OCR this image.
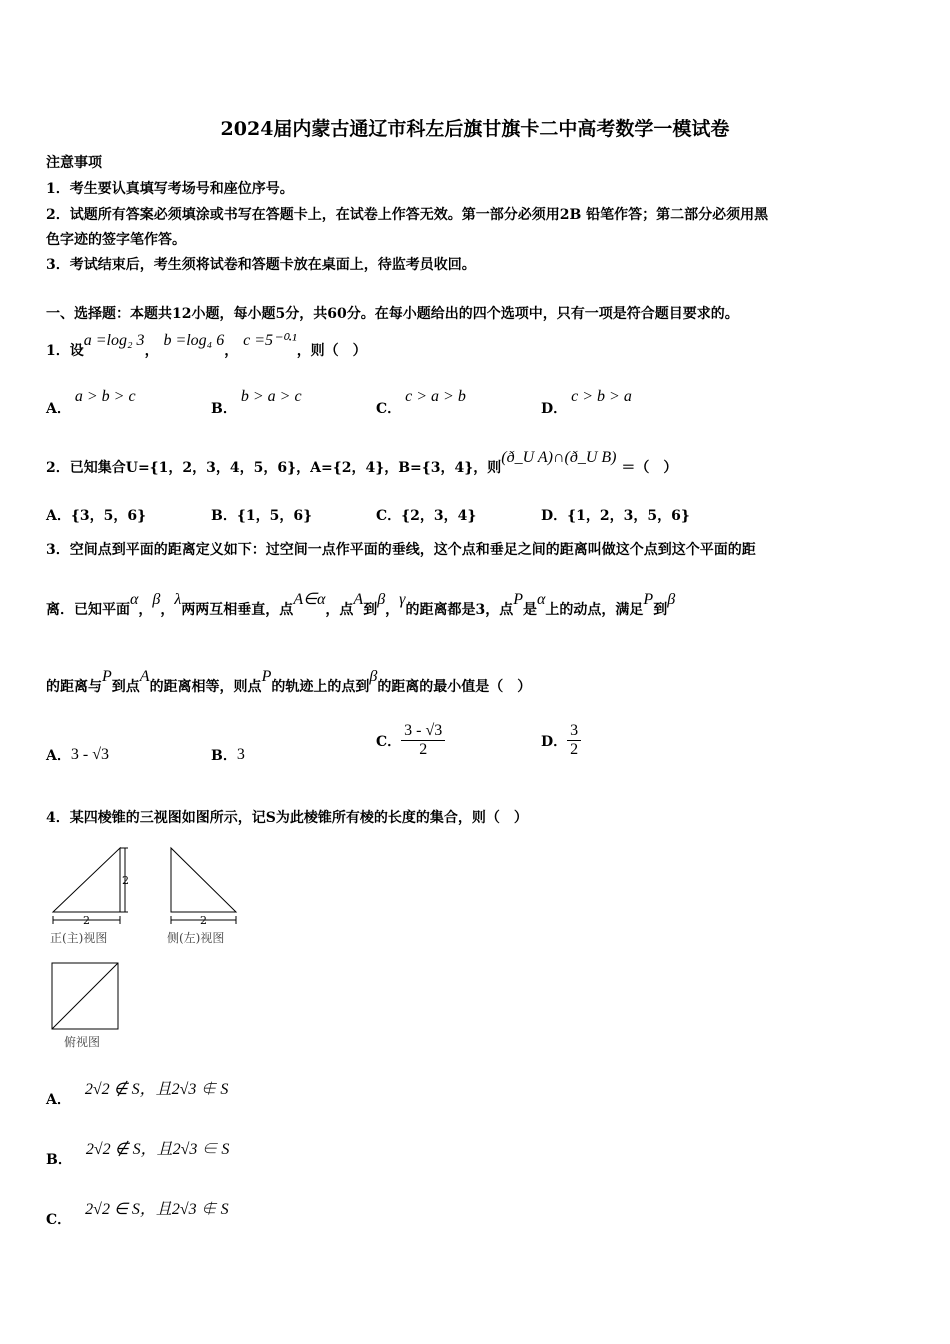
2024届内蒙古通辽市科左后旗甘旗卡二中高考数学一模试卷
注意事项
1．考生要认真填写考场号和座位序号。
2．试题所有答案必须填涂或书写在答题卡上，在试卷上作答无效。第一部分必须用2B 铅笔作答；第二部分必须用黑
色字迹的签字笔作答。
3．考试结束后，考生须将试卷和答题卡放在桌面上，待监考员收回。
一、选择题：本题共12小题，每小题5分，共60分。在每小题给出的四个选项中，只有一项是符合题目要求的。
1．设a =log₂ 3， b =log₄ 6， c =5⁻⁰·¹，则（　）
2．已知集合U={1，2，3，4，5，6}，A={2，4}，B={3，4}，则(ð_U A)∩(ð_U B) ＝（　）
3．空间点到平面的距离定义如下：过空间一点作平面的垂线，这个点和垂足之间的距离叫做这个点到这个平面的距
离．已知平面α，β，λ两两互相垂直，点A∈α，点A到β，γ的距离都是3，点P是α上的动点，满足P到β
的距离与P到点A的距离相等，则点P的轨迹上的点到β的距离的最小值是（　）
4．某四棱锥的三视图如图所示，记S为此棱锥所有棱的长度的集合，则（　）
2
2	2
正(主)视图	侧(左)视图
俯视图
A．a > b > c
B．b > a > c
C．c > a > b
D．c > b > a
A．{3，5，6}	B．{1，5，6}	C．{2，3，4}	D．{1，2，3，5，6}
A． 3 - √3	B． 3
C． $\frac{3 - √3}{2}$	D． $\frac{3}{2}$
A．2√2 ∉ S，且2√3 ∉ S
B．2√2 ∉ S，且2√3 ∈ S
C．2√2 ∈ S，且2√3 ∉ S
